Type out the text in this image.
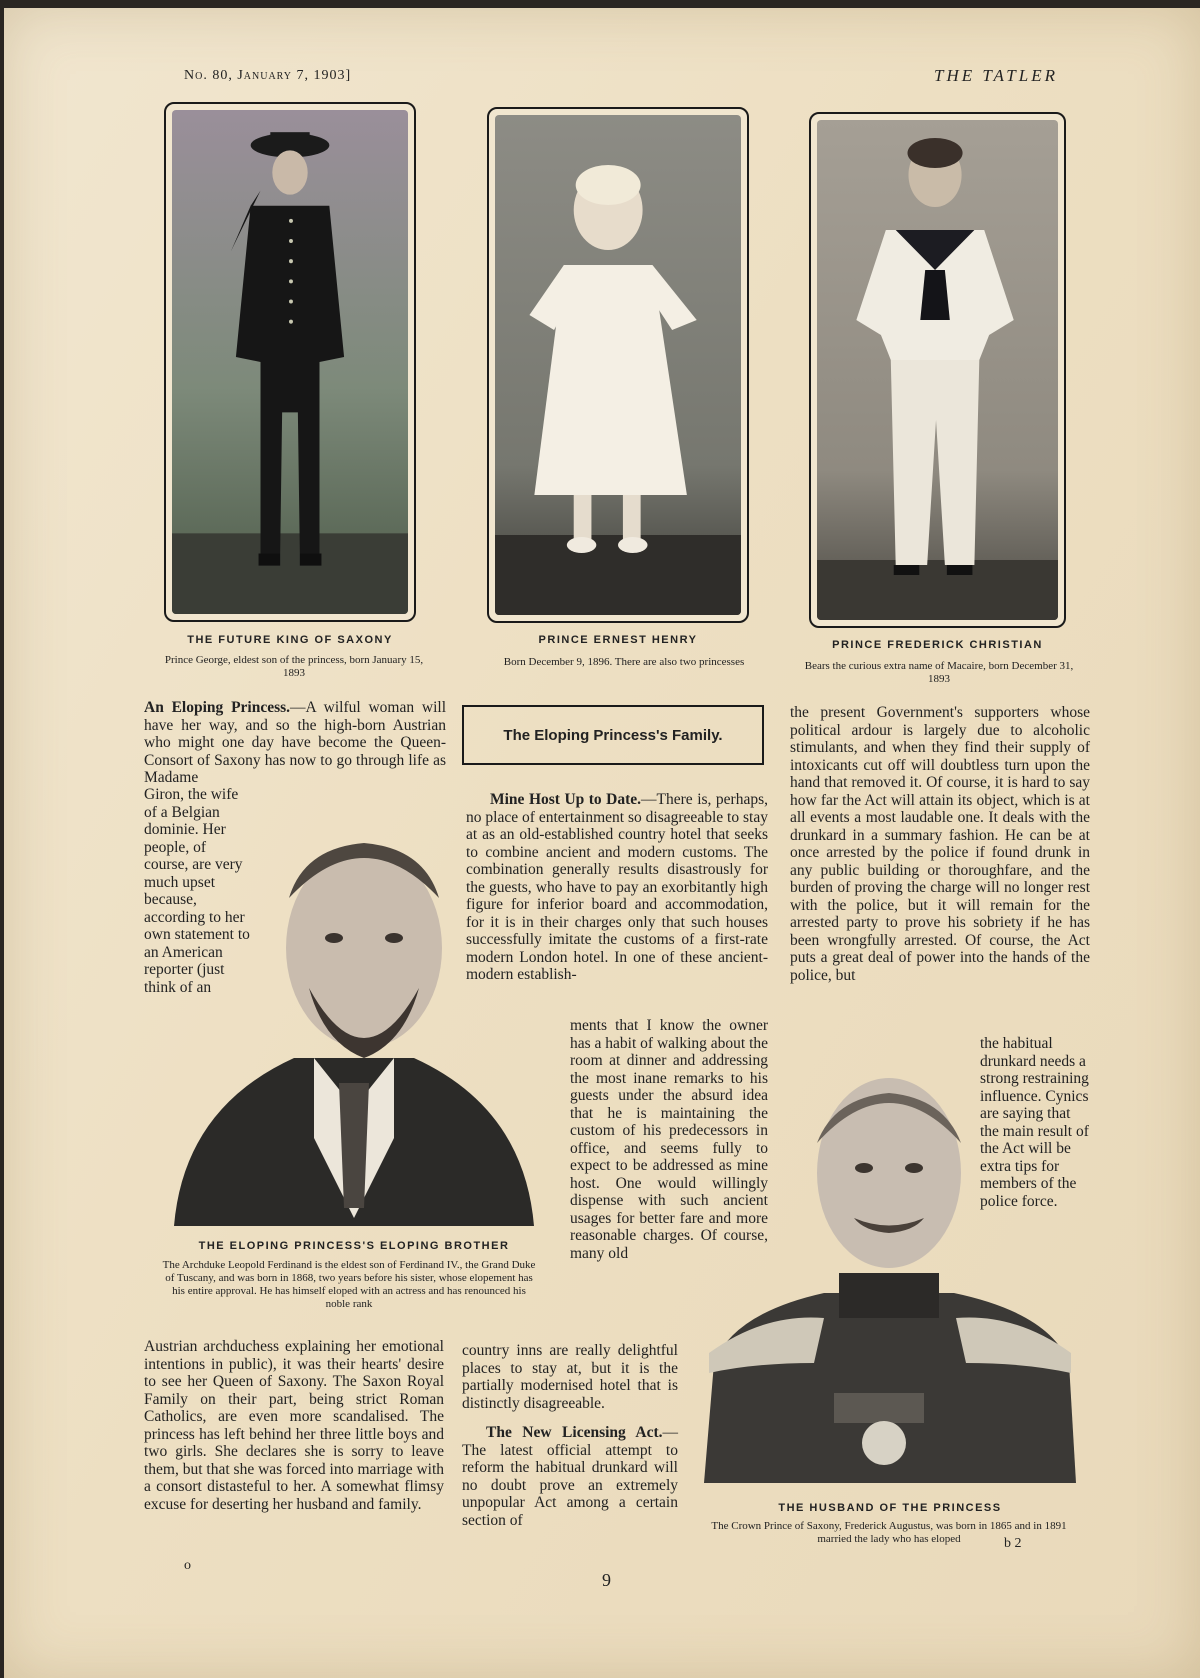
No. 80, January 7, 1903]	THE TATLER
THE FUTURE KING OF SAXONY
Prince George, eldest son of the princess, born January 15, 1893
PRINCE ERNEST HENRY
Born December 9, 1896. There are also two princesses
PRINCE FREDERICK CHRISTIAN
Bears the curious extra name of Macaire, born December 31, 1893

An Eloping Princess.—A wilful woman will have her way, and so the high-born Austrian who might one day have become the Queen-Consort of Saxony has now to go through life as Madame

Giron, the wife of a Belgian dominie. Her people, of course, are very much upset because, according to her own statement to an American reporter (just think of an

THE ELOPING PRINCESS'S ELOPING BROTHER
The Archduke Leopold Ferdinand is the eldest son of Ferdinand IV., the Grand Duke of Tuscany, and was born in 1868, two years before his sister, whose elopement has his entire approval. He has himself eloped with an actress and has renounced his noble rank

Austrian archduchess explaining her emotional intentions in public), it was their hearts' desire to see her Queen of Saxony. The Saxon Royal Family on their part, being strict Roman Catholics, are even more scandalised. The princess has left behind her three little boys and two girls. She declares she is sorry to leave them, but that she was forced into marriage with a consort distasteful to her. A somewhat flimsy excuse for deserting her husband and family.

The Eloping Princess's Family.

Mine Host Up to Date.—There is, perhaps, no place of entertainment so disagreeable to stay at as an old-established country hotel that seeks to combine ancient and modern customs. The combination generally results disastrously for the guests, who have to pay an exorbitantly high figure for inferior board and accommodation, for it is in their charges only that such houses successfully imitate the customs of a first-rate modern London hotel. In one of these ancient-modern establish-

ments that I know the owner has a habit of walking about the room at dinner and addressing the most inane remarks to his guests under the absurd idea that he is maintaining the custom of his predecessors in office, and seems fully to expect to be addressed as mine host. One would willingly dispense with such ancient usages for better fare and more reasonable charges. Of course, many old

country inns are really delightful places to stay at, but it is the partially modernised hotel that is distinctly disagreeable.

The New Licensing Act.—The latest official attempt to reform the habitual drunkard will no doubt prove an extremely unpopular Act among a certain section of

the present Government's supporters whose political ardour is largely due to alcoholic stimulants, and when they find their supply of intoxicants cut off will doubtless turn upon the hand that removed it. Of course, it is hard to say how far the Act will attain its object, which is at all events a most laudable one. It deals with the drunkard in a summary fashion. He can be at once arrested by the police if found drunk in any public building or thoroughfare, and the burden of proving the charge will no longer rest with the police, but it will remain for the arrested party to prove his sobriety if he has been wrongfully arrested. Of course, the Act puts a great deal of power into the hands of the police, but

the habitual drunkard needs a strong restraining influence. Cynics are saying that the main result of the Act will be extra tips for members of the police force.

THE HUSBAND OF THE PRINCESS
The Crown Prince of Saxony, Frederick Augustus, was born in 1865 and in 1891 married the lady who has eloped
o
9
b 2
